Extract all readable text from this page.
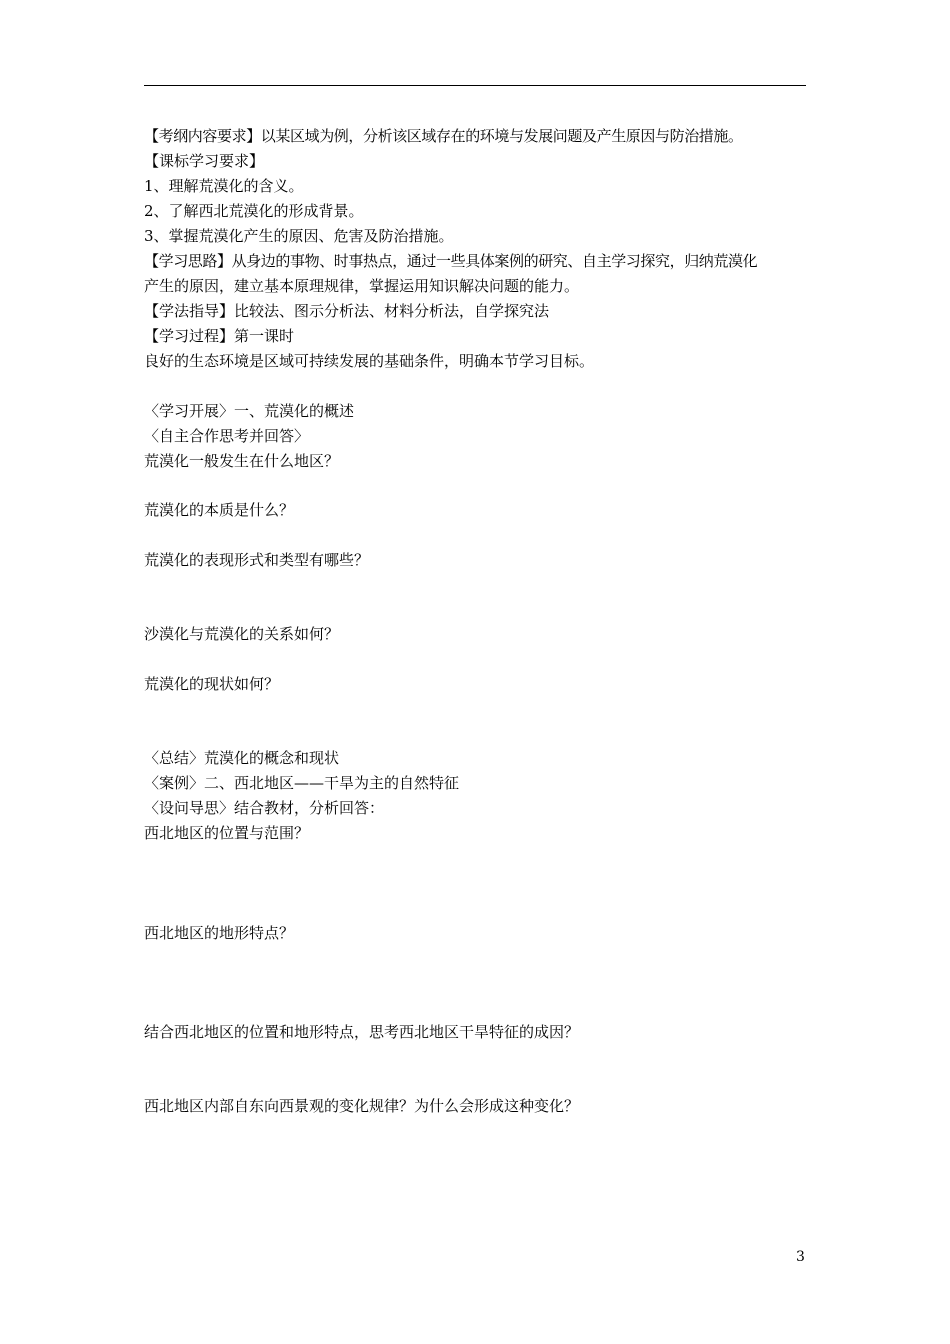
【考纲内容要求】以某区域为例，分析该区域存在的环境与发展问题及产生原因与防治措施。
【课标学习要求】
1、理解荒漠化的含义。
2、了解西北荒漠化的形成背景。
3、掌握荒漠化产生的原因、危害及防治措施。
【学习思路】从身边的事物、时事热点，通过一些具体案例的研究、自主学习探究，归纳荒漠化
产生的原因，建立基本原理规律，掌握运用知识解决问题的能力。
【学法指导】比较法、图示分析法、材料分析法，自学探究法
【学习过程】第一课时
良好的生态环境是区域可持续发展的基础条件，明确本节学习目标。
〈学习开展〉一、荒漠化的概述
〈自主合作思考并回答〉
荒漠化一般发生在什么地区？
荒漠化的本质是什么？
荒漠化的表现形式和类型有哪些？
沙漠化与荒漠化的关系如何？
荒漠化的现状如何？
〈总结〉荒漠化的概念和现状
〈案例〉二、西北地区——干旱为主的自然特征
〈设问导思〉结合教材，分析回答：
西北地区的位置与范围？
西北地区的地形特点？
结合西北地区的位置和地形特点，思考西北地区干旱特征的成因？
西北地区内部自东向西景观的变化规律？为什么会形成这种变化？
3
